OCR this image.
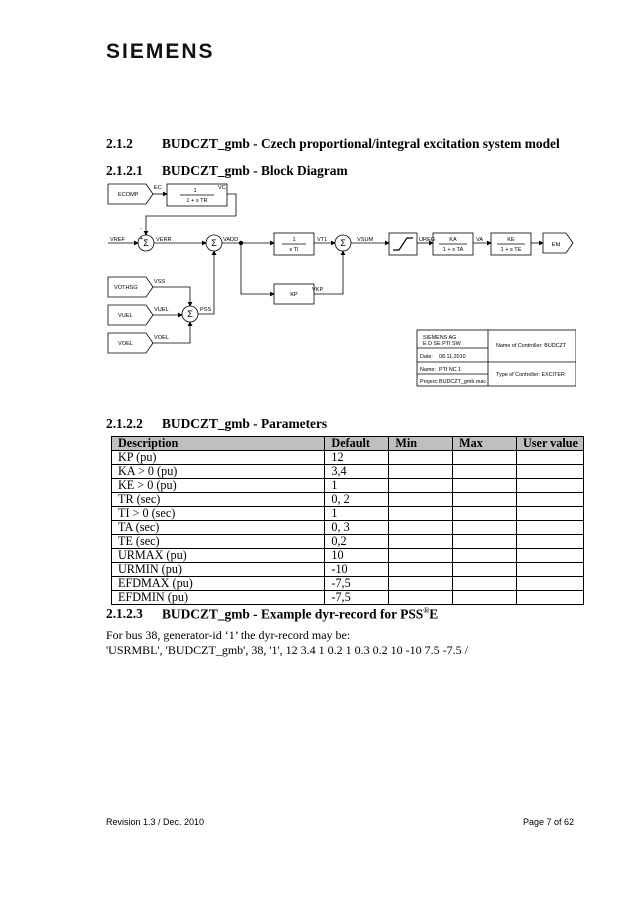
SIEMENS
2.1.2 BUDCZT_gmb - Czech proportional/integral excitation system model
2.1.2.1 BUDCZT_gmb - Block Diagram
ECOMP
EC	VC
1
1 + s TR
VREF	VERR	VADD	1
s TI
VT1	VSUM	UREG	KA
1 + s TA
VA	KE
1 + s TE
Efd
KP
VKP
VOTHSG
VSS
VUEL
VUEL	PSS
VOEL
VOEL
+
-
Σ	Σ	Σ
Σ
SIEMENS AG
E D SE PTI SW
Date: 08.11.2010
Name: PTI NC 1
Project: BUDCZT_gmb.mac
Name of Controller: BUDCZT
Type of Controller: EXCITER
2.1.2.2 BUDCZT_gmb - Parameters
Description	Default	Min	Max	User value
KP (pu)	12			
KA > 0 (pu)	3,4			
KE > 0 (pu)	1			
TR (sec)	0, 2			
TI > 0 (sec)	1			
TA (sec)	0, 3			
TE (sec)	0,2			
URMAX (pu)	10			
URMIN (pu)	-10			
EFDMAX (pu)	-7,5			
EFDMIN (pu)	-7,5			
2.1.2.3 BUDCZT_gmb - Example dyr-record for PSS®E
For bus 38, generator-id ‘1’ the dyr-record may be:
'USRMBL', 'BUDCZT_gmb', 38, '1', 12 3.4 1 0.2 1 0.3 0.2 10 -10 7.5 -7.5 /
Revision 1.3 / Dec. 2010	Page 7 of 62
